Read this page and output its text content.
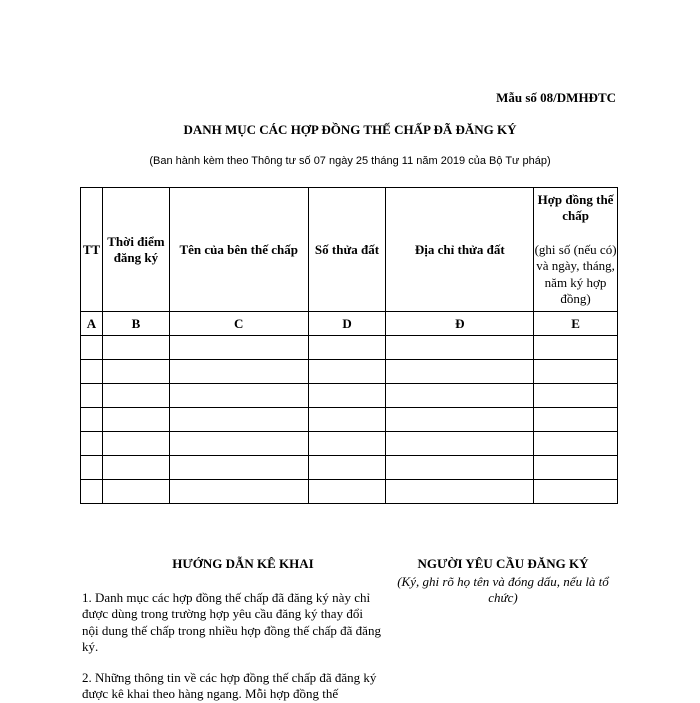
Mẫu số 08/DMHĐTC
DANH MỤC CÁC HỢP ĐỒNG THẾ CHẤP ĐÃ ĐĂNG KÝ
(Ban hành kèm theo Thông tư số 07 ngày 25 tháng 11 năm 2019 của Bộ Tư pháp)
TT	Thời điểm đăng ký	Tên của bên thế chấp	Số thửa đất	Địa chỉ thửa đất	Hợp đồng thế chấp
(ghi số (nếu có) và ngày, tháng, năm ký hợp đồng)

A	B	C	D	Đ	E

HƯỚNG DẪN KÊ KHAI	NGƯỜI YÊU CẦU ĐĂNG KÝ
(Ký, ghi rõ họ tên và đóng dấu, nếu là tổ chức)
1. Danh mục các hợp đồng thế chấp đã đăng ký này chỉ được dùng trong trường hợp yêu cầu đăng ký thay đổi nội dung thế chấp trong nhiều hợp đồng thế chấp đã đăng ký.
2. Những thông tin về các hợp đồng thế chấp đã đăng ký được kê khai theo hàng ngang. Mỗi hợp đồng thế
